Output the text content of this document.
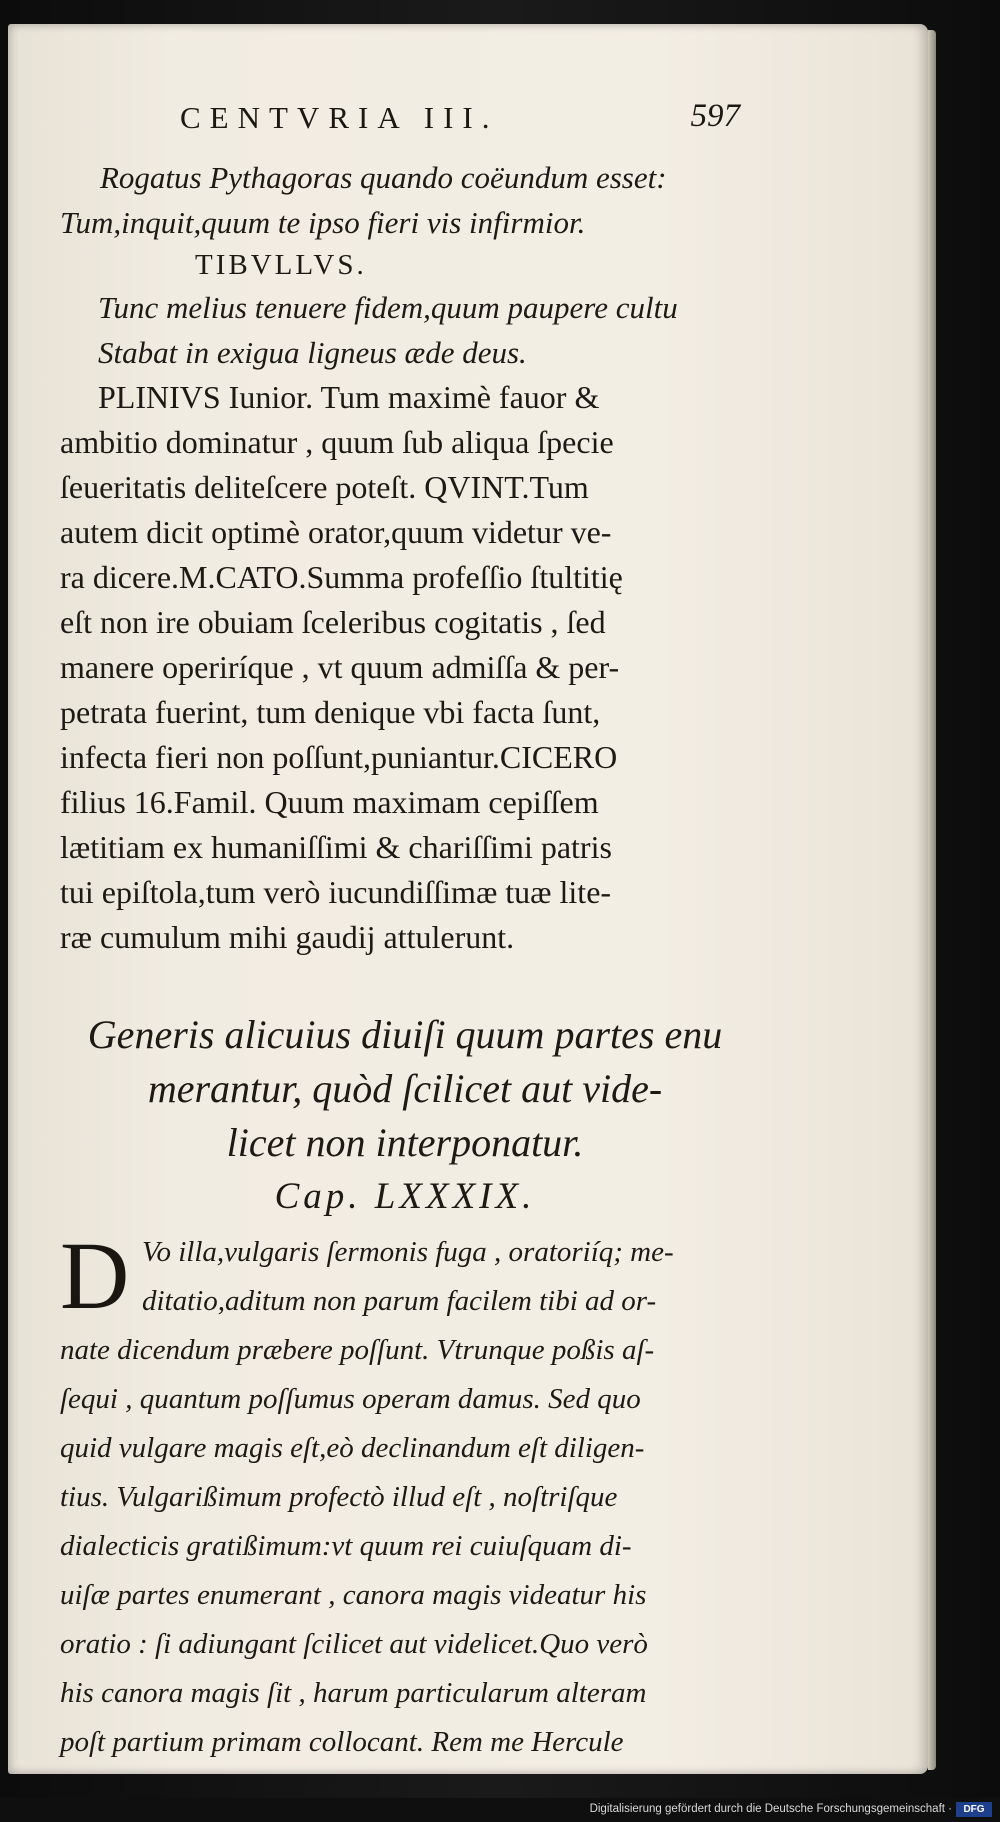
CENTVRIA III.	597
Rogatus Pythagoras quando coëundum esset:
Tum,inquit,quum te ipso fieri vis infirmior.
TIBVLLVS.
Tunc melius tenuere fidem,quum paupere cultu
Stabat in exigua ligneus æde deus.
PLINIVS Iunior. Tum maximè fauor &
ambitio dominatur , quum ſub aliqua ſpecie
ſeueritatis deliteſcere poteſt. QVINT.Tum
autem dicit optimè orator,quum videtur ve-
ra dicere.M.CATO.Summa profeſſio ſtultitię
eſt non ire obuiam ſceleribus cogitatis , ſed
manere operiríque , vt quum admiſſa & per-
petrata fuerint, tum denique vbi facta ſunt,
infecta fieri non poſſunt,puniantur.CICERO
filius 16.Famil. Quum maximam cepiſſem
lætitiam ex humaniſſimi & chariſſimi patris
tui epiſtola,tum verò iucundiſſimæ tuæ lite-
ræ cumulum mihi gaudij attulerunt.
Generis alicuius diuiſi quum partes enu
merantur, quòd ſcilicet aut vide-
licet non interponatur.
Cap. LXXXIX.
D Vo illa,vulgaris ſermonis fuga , oratoriíq; me-
ditatio,aditum non parum facilem tibi ad or-
nate dicendum præbere poſſunt. Vtrunque poßis aſ-
ſequi , quantum poſſumus operam damus. Sed quo
quid vulgare magis eſt,eò declinandum eſt diligen-
tius. Vulgarißimum profectò illud eſt , noſtriſque
dialecticis gratißimum:vt quum rei cuiuſquam di-
uiſæ partes enumerant , canora magis videatur his
oratio : ſi adiungant ſcilicet aut videlicet.Quo verò
his canora magis ſit , harum particularum alteram
poſt partium primam collocant. Rem me Hercule
Digitalisierung gefördert durch die Deutsche Forschungsgemeinschaft ·	DFG
